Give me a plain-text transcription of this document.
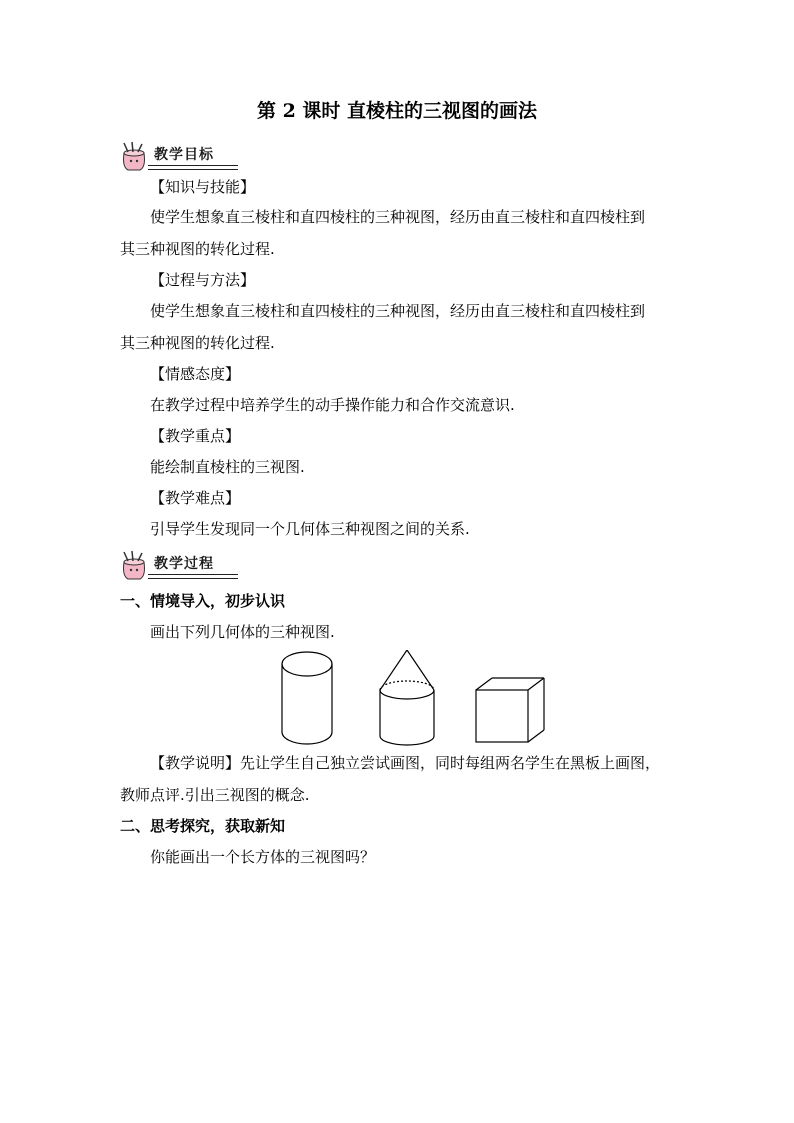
第 2 课时 直棱柱的三视图的画法
教学目标
【知识与技能】
使学生想象直三棱柱和直四棱柱的三种视图，经历由直三棱柱和直四棱柱到
其三种视图的转化过程.
【过程与方法】
使学生想象直三棱柱和直四棱柱的三种视图，经历由直三棱柱和直四棱柱到
其三种视图的转化过程.
【情感态度】
在教学过程中培养学生的动手操作能力和合作交流意识.
【教学重点】
能绘制直棱柱的三视图.
【教学难点】
引导学生发现同一个几何体三种视图之间的关系.
教学过程
一、情境导入，初步认识
画出下列几何体的三种视图.
【教学说明】先让学生自己独立尝试画图，同时每组两名学生在黑板上画图，
教师点评.引出三视图的概念.
二、思考探究，获取新知
你能画出一个长方体的三视图吗？
